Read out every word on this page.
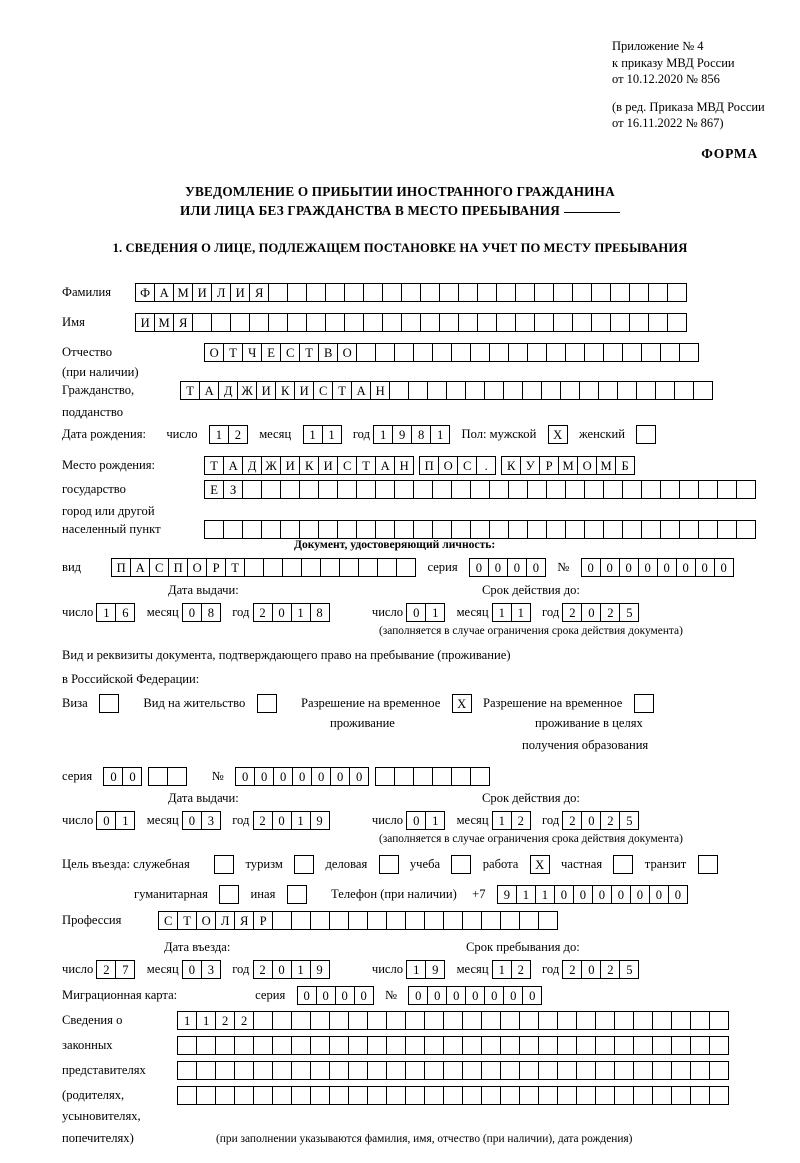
Приложение № 4
к приказу МВД России
от 10.12.2020 № 856
(в ред. Приказа МВД России
от 16.11.2022 № 867)
ФОРМА
УВЕДОМЛЕНИЕ О ПРИБЫТИИ ИНОСТРАННОГО ГРАЖДАНИНА
ИЛИ ЛИЦА БЕЗ ГРАЖДАНСТВА В МЕСТО ПРЕБЫВАНИЯ
1. СВЕДЕНИЯ О ЛИЦЕ, ПОДЛЕЖАЩЕМ ПОСТАНОВКЕ НА УЧЕТ ПО МЕСТУ ПРЕБЫВАНИЯ
Фамилия Ф А М И Л И Я
Имя	И М Я
Отчество	О Т Ч Е С Т В О
(при наличии)
Гражданство,	Т А Д Ж И К И С Т А Н
подданство
Дата рождения: число 1 2 месяц 1 1 год 1 9 8 1 Пол: мужской X женский
Место рождения:	Т А Д Ж И К И С Т А Н П О С . К У Р М О М Б
государство	Е З
город или другой
населенный пункт
Документ, удостоверяющий личность:
вид	П А С П О Р Т	серия 0 0 0 0 № 0 0 0 0 0 0 0 0
Дата выдачи:	Срок действия до:
число 1 6 месяц 0 8 год 2 0 1 8	число 0 1 месяц 1 1 год 2 0 2 5
(заполняется в случае ограничения срока действия документа)
Вид и реквизиты документа, подтверждающего право на пребывание (проживание)
в Российской Федерации:
Виза	Вид на жительство	Разрешение на временное X Разрешение на временное
проживание	проживание в целях
получения образования
серия 0 0	№ 0 0 0 0 0 0 0
Дата выдачи:	Срок действия до:
число 0 1 месяц 0 3 год 2 0 1 9	число 0 1 месяц 1 2 год 2 0 2 5
(заполняется в случае ограничения срока действия документа)
Цель въезда: служебная	туризм	деловая	учеба	работа X частная	транзит
гуманитарная	иная	Телефон (при наличии) +7 9 1 1 0 0 0 0 0 0 0
Профессия	С Т О Л Я Р
Дата въезда:	Срок пребывания до:
число 2 7 месяц 0 3 год 2 0 1 9	число 1 9 месяц 1 2 год 2 0 2 5
Миграционная карта:	серия 0 0 0 0 № 0 0 0 0 0 0 0
Сведения о	1 1 2 2
законных
представителях
(родителях,
усыновителях,
попечителях)	(при заполнении указываются фамилия, имя, отчество (при наличии), дата рождения)
